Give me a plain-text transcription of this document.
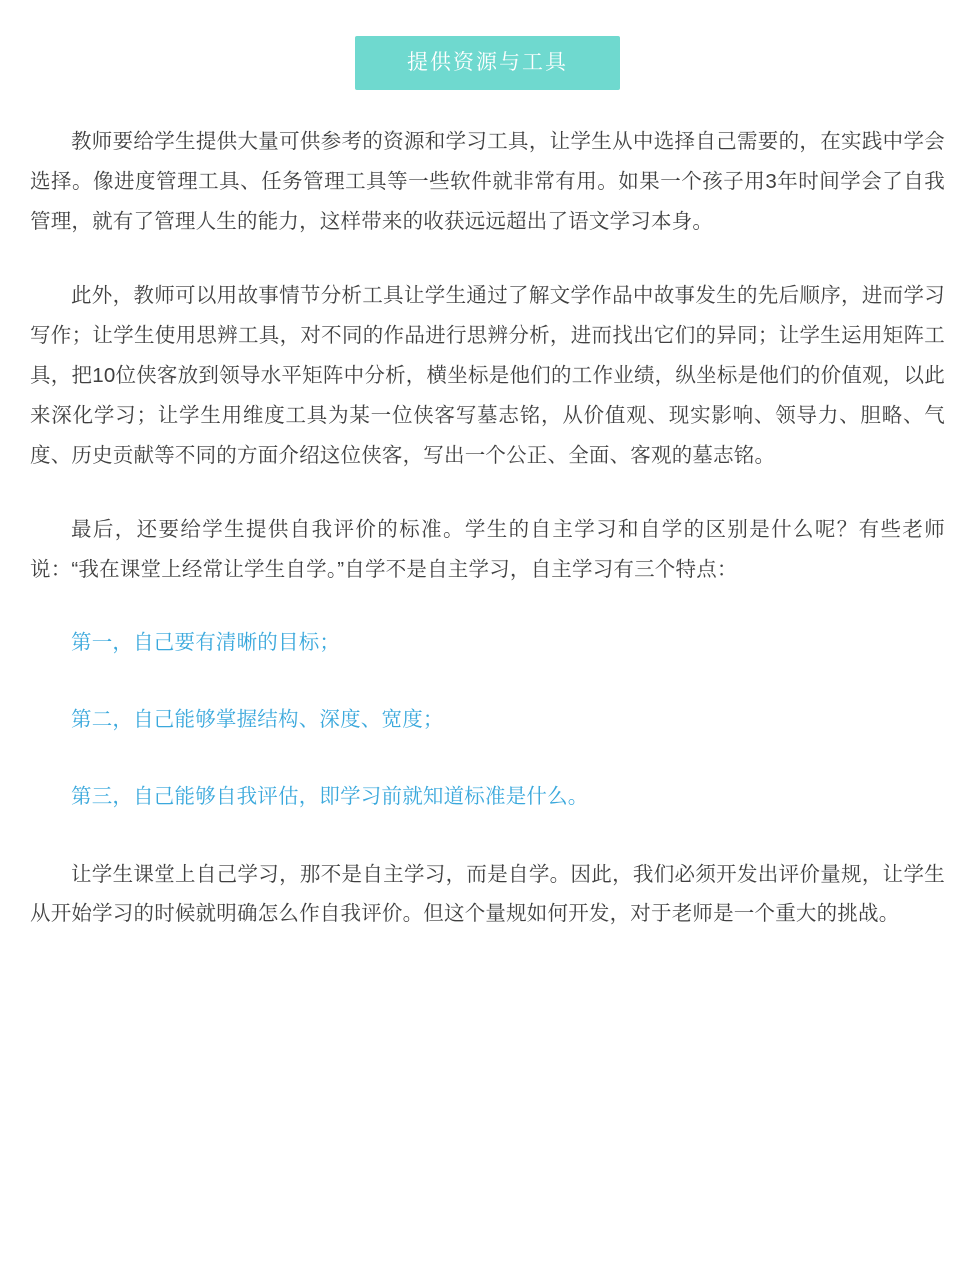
提供资源与工具

教师要给学生提供大量可供参考的资源和学习工具，让学生从中选择自己需要的，在实践中学会选择。像进度管理工具、任务管理工具等一些软件就非常有用。如果一个孩子用3年时间学会了自我管理，就有了管理人生的能力，这样带来的收获远远超出了语文学习本身。

此外，教师可以用故事情节分析工具让学生通过了解文学作品中故事发生的先后顺序，进而学习写作；让学生使用思辨工具，对不同的作品进行思辨分析，进而找出它们的异同；让学生运用矩阵工具，把10位侠客放到领导水平矩阵中分析，横坐标是他们的工作业绩，纵坐标是他们的价值观，以此来深化学习；让学生用维度工具为某一位侠客写墓志铭，从价值观、现实影响、领导力、胆略、气度、历史贡献等不同的方面介绍这位侠客，写出一个公正、全面、客观的墓志铭。

最后，还要给学生提供自我评价的标准。学生的自主学习和自学的区别是什么呢？有些老师说：“我在课堂上经常让学生自学。”自学不是自主学习，自主学习有三个特点：

第一，自己要有清晰的目标；

第二，自己能够掌握结构、深度、宽度；

第三，自己能够自我评估，即学习前就知道标准是什么。

让学生课堂上自己学习，那不是自主学习，而是自学。因此，我们必须开发出评价量规，让学生从开始学习的时候就明确怎么作自我评价。但这个量规如何开发，对于老师是一个重大的挑战。
